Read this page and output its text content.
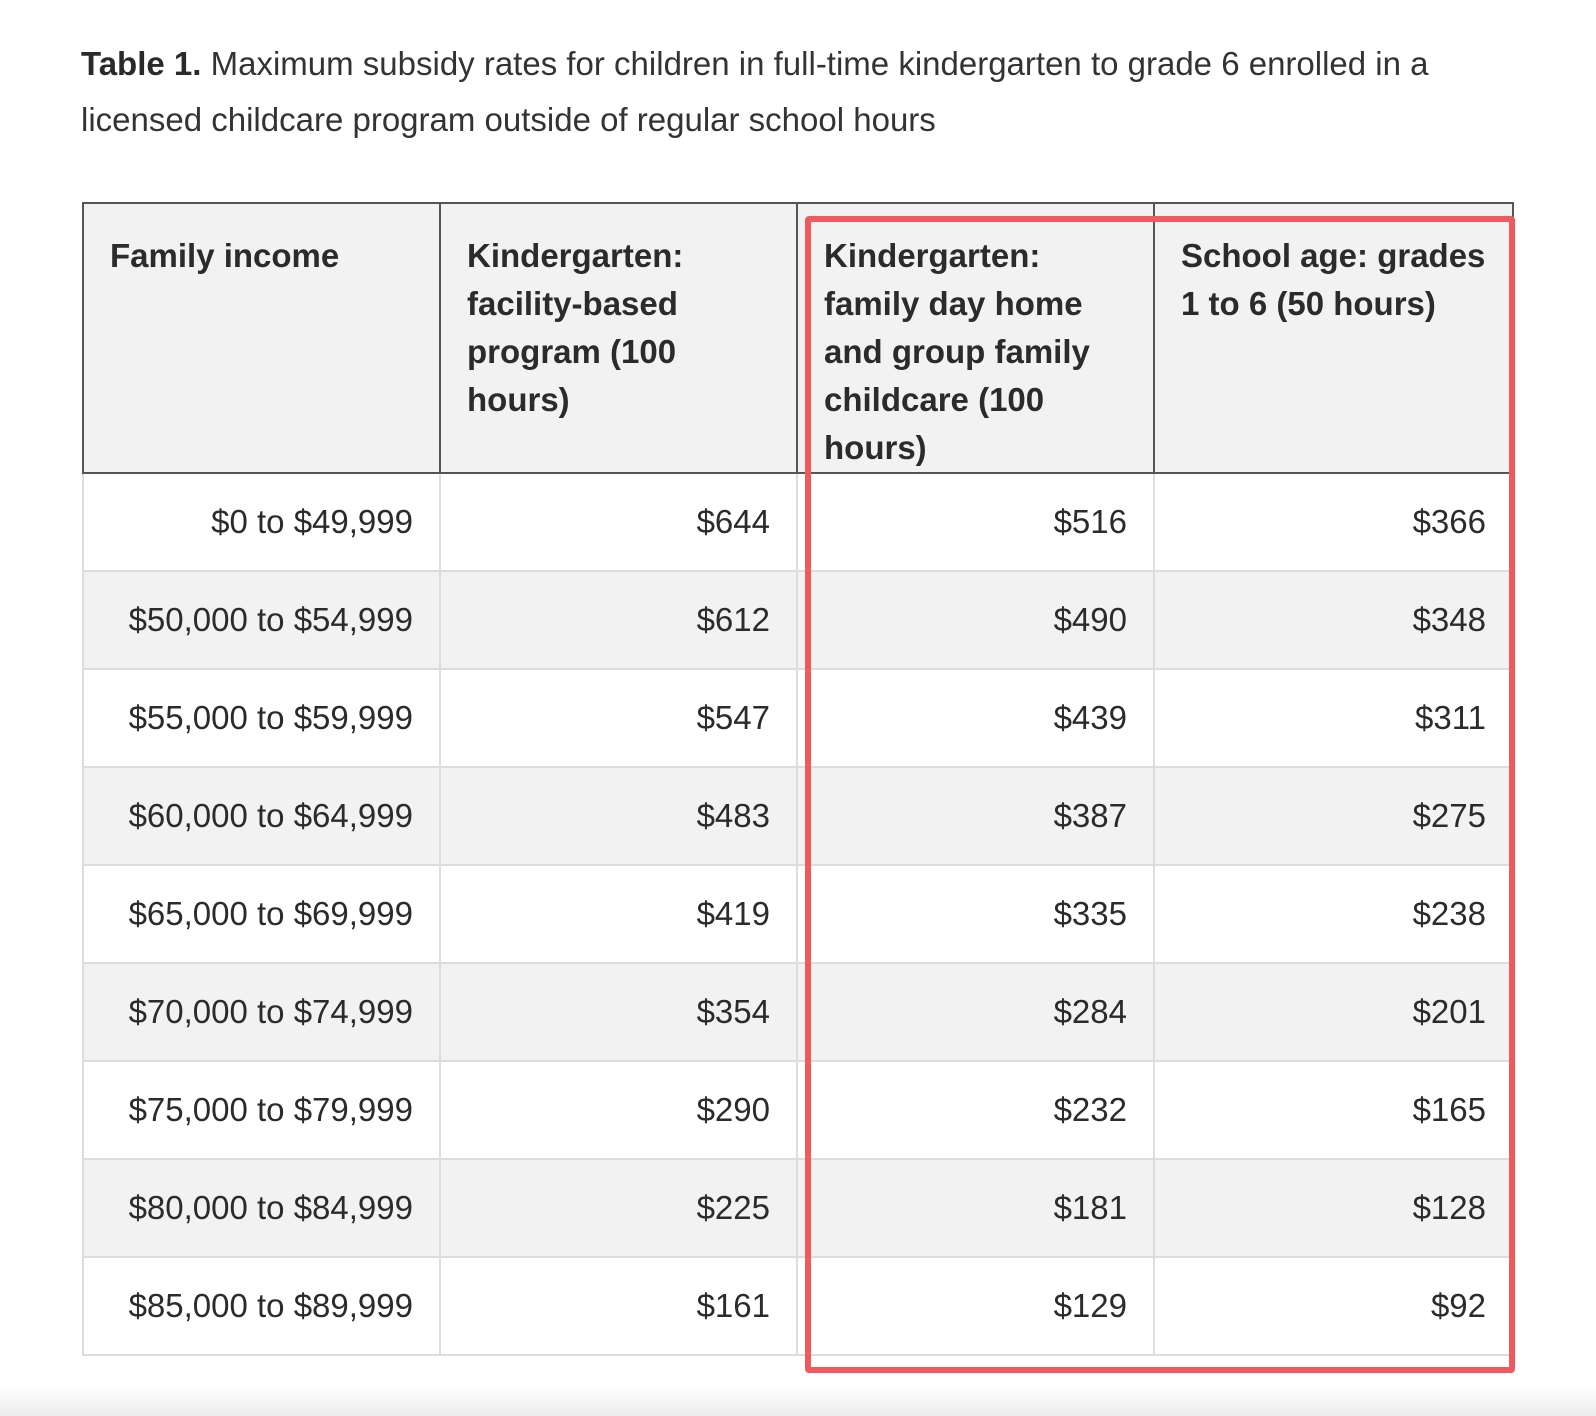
Table 1. Maximum subsidy rates for children in full-time kindergarten to grade 6 enrolled in a licensed childcare program outside of regular school hours

Family income	Kindergarten: facility-based program (100 hours)	Kindergarten: family day home and group family childcare (100 hours)	School age: grades 1 to 6 (50 hours)
$0 to $49,999	$644	$516	$366
$50,000 to $54,999	$612	$490	$348
$55,000 to $59,999	$547	$439	$311
$60,000 to $64,999	$483	$387	$275
$65,000 to $69,999	$419	$335	$238
$70,000 to $74,999	$354	$284	$201
$75,000 to $79,999	$290	$232	$165
$80,000 to $84,999	$225	$181	$128
$85,000 to $89,999	$161	$129	$92
